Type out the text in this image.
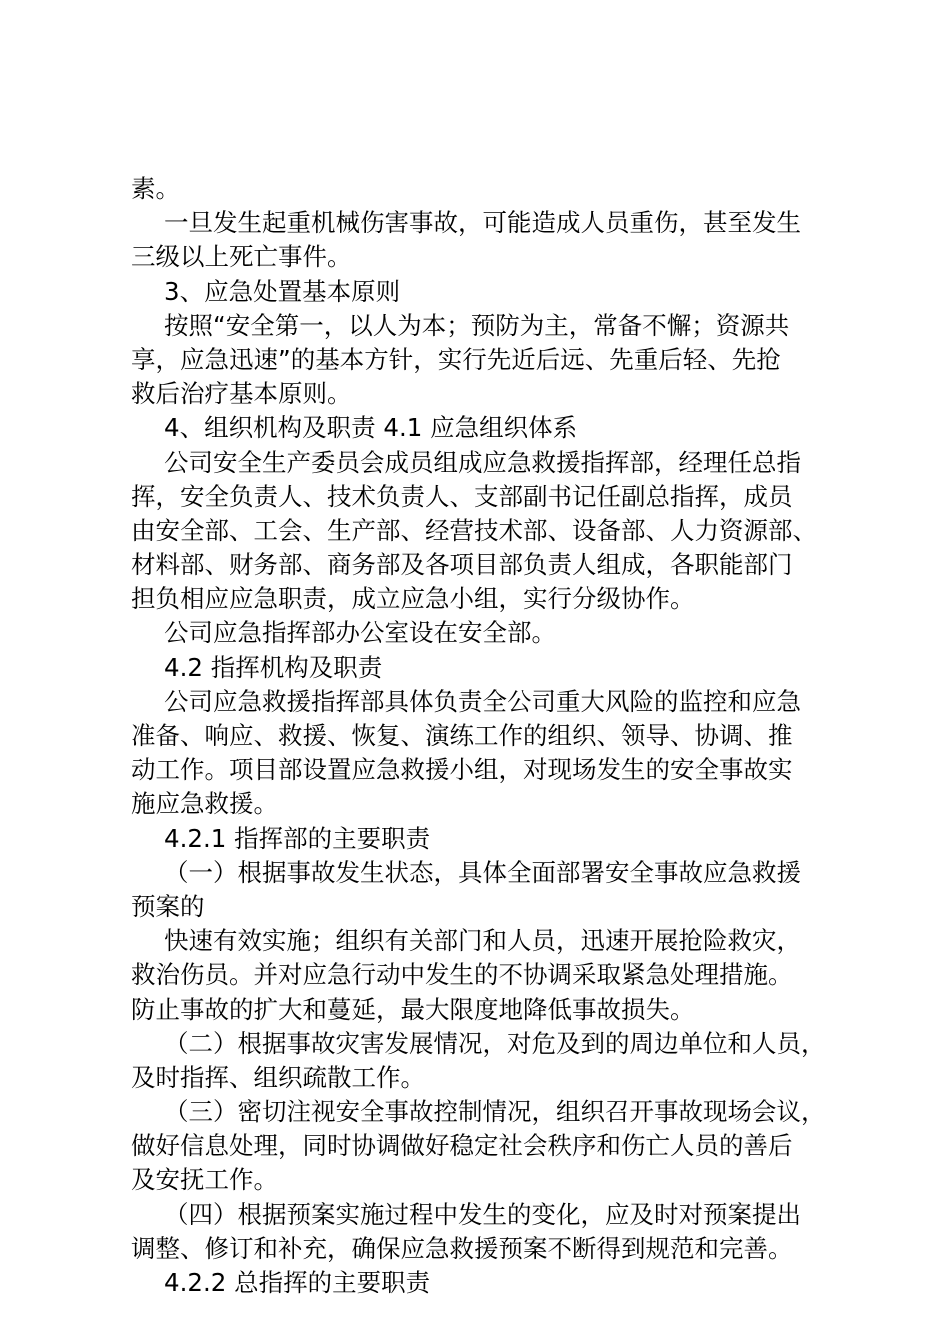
素。
一旦发生起重机械伤害事故，可能造成人员重伤，甚至发生
三级以上死亡事件。
3、应急处置基本原则
按照“安全第一，以人为本；预防为主，常备不懈；资源共
享，应急迅速”的基本方针，实行先近后远、先重后轻、先抢
救后治疗基本原则。
4、组织机构及职责 4.1 应急组织体系
公司安全生产委员会成员组成应急救援指挥部，经理任总指
挥，安全负责人、技术负责人、支部副书记任副总指挥，成员
由安全部、工会、生产部、经营技术部、设备部、人力资源部、
材料部、财务部、商务部及各项目部负责人组成，各职能部门
担负相应应急职责，成立应急小组，实行分级协作。
公司应急指挥部办公室设在安全部。
4.2 指挥机构及职责
公司应急救援指挥部具体负责全公司重大风险的监控和应急
准备、响应、救援、恢复、演练工作的组织、领导、协调、推
动工作。项目部设置应急救援小组，对现场发生的安全事故实
施应急救援。
4.2.1 指挥部的主要职责
（一）根据事故发生状态，具体全面部署安全事故应急救援
预案的
快速有效实施；组织有关部门和人员，迅速开展抢险救灾，
救治伤员。并对应急行动中发生的不协调采取紧急处理措施。
防止事故的扩大和蔓延，最大限度地降低事故损失。
（二）根据事故灾害发展情况，对危及到的周边单位和人员，
及时指挥、组织疏散工作。
（三）密切注视安全事故控制情况，组织召开事故现场会议，
做好信息处理，同时协调做好稳定社会秩序和伤亡人员的善后
及安抚工作。
（四）根据预案实施过程中发生的变化，应及时对预案提出
调整、修订和补充，确保应急救援预案不断得到规范和完善。
4.2.2 总指挥的主要职责
